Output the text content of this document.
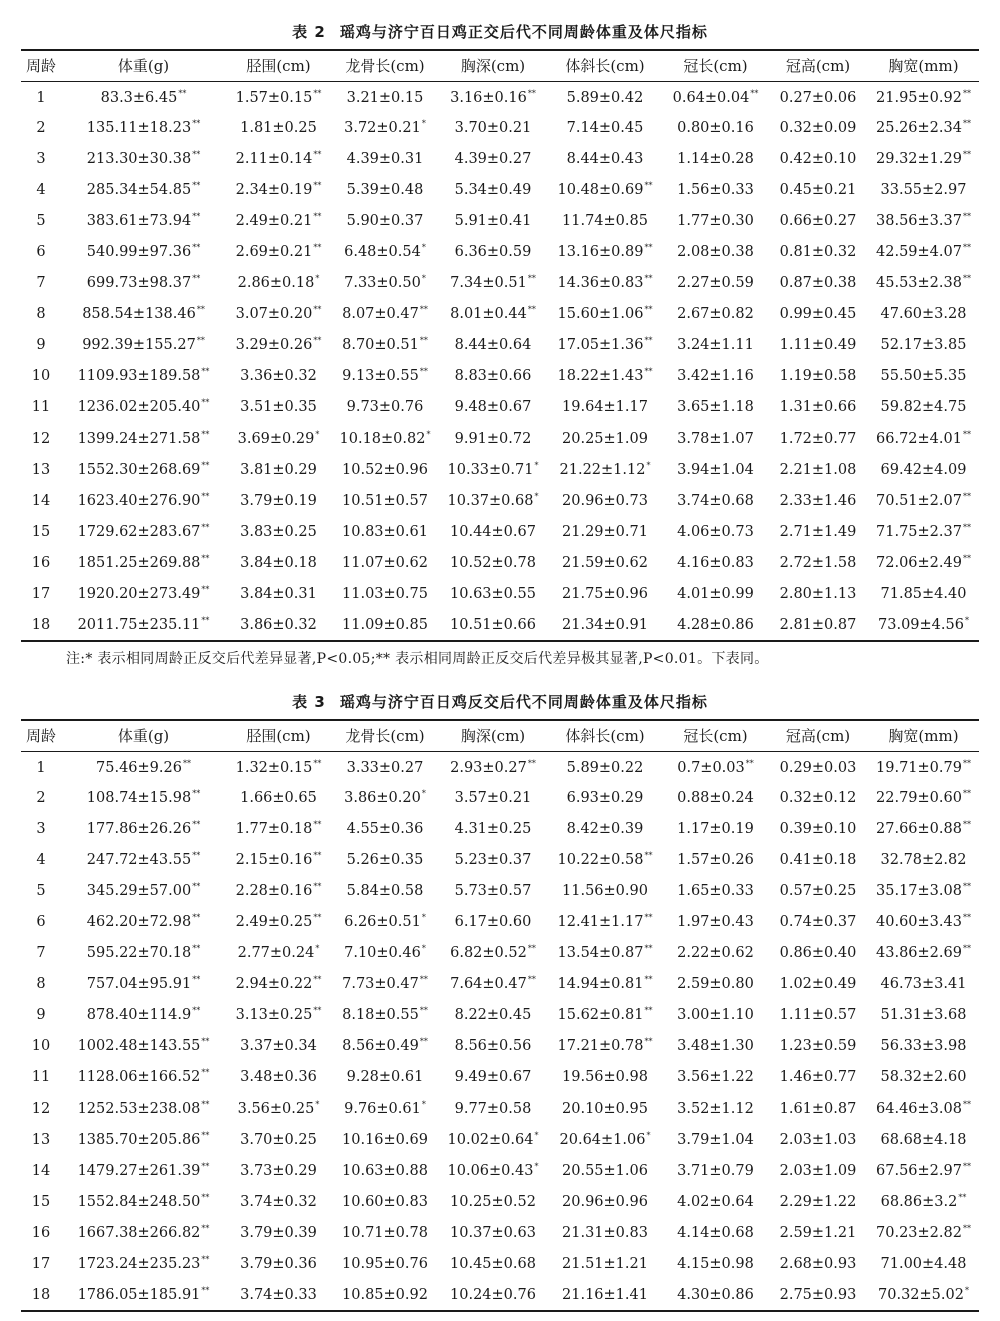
表 2 瑶鸡与济宁百日鸡正交后代不同周龄体重及体尺指标
周龄	体重(g)	胫围(cm)	龙骨长(cm)	胸深(cm)	体斜长(cm)	冠长(cm)	冠高(cm)	胸宽(mm)
1	83.3±6.45**	1.57±0.15**	3.21±0.15	3.16±0.16**	5.89±0.42	0.64±0.04**	0.27±0.06	21.95±0.92**
2	135.11±18.23**	1.81±0.25	3.72±0.21*	3.70±0.21	7.14±0.45	0.80±0.16	0.32±0.09	25.26±2.34**
3	213.30±30.38**	2.11±0.14**	4.39±0.31	4.39±0.27	8.44±0.43	1.14±0.28	0.42±0.10	29.32±1.29**
4	285.34±54.85**	2.34±0.19**	5.39±0.48	5.34±0.49	10.48±0.69**	1.56±0.33	0.45±0.21	33.55±2.97
5	383.61±73.94**	2.49±0.21**	5.90±0.37	5.91±0.41	11.74±0.85	1.77±0.30	0.66±0.27	38.56±3.37**
6	540.99±97.36**	2.69±0.21**	6.48±0.54*	6.36±0.59	13.16±0.89**	2.08±0.38	0.81±0.32	42.59±4.07**
7	699.73±98.37**	2.86±0.18*	7.33±0.50*	7.34±0.51**	14.36±0.83**	2.27±0.59	0.87±0.38	45.53±2.38**
8	858.54±138.46**	3.07±0.20**	8.07±0.47**	8.01±0.44**	15.60±1.06**	2.67±0.82	0.99±0.45	47.60±3.28
9	992.39±155.27**	3.29±0.26**	8.70±0.51**	8.44±0.64	17.05±1.36**	3.24±1.11	1.11±0.49	52.17±3.85
10	1109.93±189.58**	3.36±0.32	9.13±0.55**	8.83±0.66	18.22±1.43**	3.42±1.16	1.19±0.58	55.50±5.35
11	1236.02±205.40**	3.51±0.35	9.73±0.76	9.48±0.67	19.64±1.17	3.65±1.18	1.31±0.66	59.82±4.75
12	1399.24±271.58**	3.69±0.29*	10.18±0.82*	9.91±0.72	20.25±1.09	3.78±1.07	1.72±0.77	66.72±4.01**
13	1552.30±268.69**	3.81±0.29	10.52±0.96	10.33±0.71*	21.22±1.12*	3.94±1.04	2.21±1.08	69.42±4.09
14	1623.40±276.90**	3.79±0.19	10.51±0.57	10.37±0.68*	20.96±0.73	3.74±0.68	2.33±1.46	70.51±2.07**
15	1729.62±283.67**	3.83±0.25	10.83±0.61	10.44±0.67	21.29±0.71	4.06±0.73	2.71±1.49	71.75±2.37**
16	1851.25±269.88**	3.84±0.18	11.07±0.62	10.52±0.78	21.59±0.62	4.16±0.83	2.72±1.58	72.06±2.49**
17	1920.20±273.49**	3.84±0.31	11.03±0.75	10.63±0.55	21.75±0.96	4.01±0.99	2.80±1.13	71.85±4.40
18	2011.75±235.11**	3.86±0.32	11.09±0.85	10.51±0.66	21.34±0.91	4.28±0.86	2.81±0.87	73.09±4.56*
注:* 表示相同周龄正反交后代差异显著,P<0.05;** 表示相同周龄正反交后代差异极其显著,P<0.01。下表同。
表 3 瑶鸡与济宁百日鸡反交后代不同周龄体重及体尺指标
周龄	体重(g)	胫围(cm)	龙骨长(cm)	胸深(cm)	体斜长(cm)	冠长(cm)	冠高(cm)	胸宽(mm)
1	75.46±9.26**	1.32±0.15**	3.33±0.27	2.93±0.27**	5.89±0.22	0.7±0.03**	0.29±0.03	19.71±0.79**
2	108.74±15.98**	1.66±0.65	3.86±0.20*	3.57±0.21	6.93±0.29	0.88±0.24	0.32±0.12	22.79±0.60**
3	177.86±26.26**	1.77±0.18**	4.55±0.36	4.31±0.25	8.42±0.39	1.17±0.19	0.39±0.10	27.66±0.88**
4	247.72±43.55**	2.15±0.16**	5.26±0.35	5.23±0.37	10.22±0.58**	1.57±0.26	0.41±0.18	32.78±2.82
5	345.29±57.00**	2.28±0.16**	5.84±0.58	5.73±0.57	11.56±0.90	1.65±0.33	0.57±0.25	35.17±3.08**
6	462.20±72.98**	2.49±0.25**	6.26±0.51*	6.17±0.60	12.41±1.17**	1.97±0.43	0.74±0.37	40.60±3.43**
7	595.22±70.18**	2.77±0.24*	7.10±0.46*	6.82±0.52**	13.54±0.87**	2.22±0.62	0.86±0.40	43.86±2.69**
8	757.04±95.91**	2.94±0.22**	7.73±0.47**	7.64±0.47**	14.94±0.81**	2.59±0.80	1.02±0.49	46.73±3.41
9	878.40±114.9**	3.13±0.25**	8.18±0.55**	8.22±0.45	15.62±0.81**	3.00±1.10	1.11±0.57	51.31±3.68
10	1002.48±143.55**	3.37±0.34	8.56±0.49**	8.56±0.56	17.21±0.78**	3.48±1.30	1.23±0.59	56.33±3.98
11	1128.06±166.52**	3.48±0.36	9.28±0.61	9.49±0.67	19.56±0.98	3.56±1.22	1.46±0.77	58.32±2.60
12	1252.53±238.08**	3.56±0.25*	9.76±0.61*	9.77±0.58	20.10±0.95	3.52±1.12	1.61±0.87	64.46±3.08**
13	1385.70±205.86**	3.70±0.25	10.16±0.69	10.02±0.64*	20.64±1.06*	3.79±1.04	2.03±1.03	68.68±4.18
14	1479.27±261.39**	3.73±0.29	10.63±0.88	10.06±0.43*	20.55±1.06	3.71±0.79	2.03±1.09	67.56±2.97**
15	1552.84±248.50**	3.74±0.32	10.60±0.83	10.25±0.52	20.96±0.96	4.02±0.64	2.29±1.22	68.86±3.2**
16	1667.38±266.82**	3.79±0.39	10.71±0.78	10.37±0.63	21.31±0.83	4.14±0.68	2.59±1.21	70.23±2.82**
17	1723.24±235.23**	3.79±0.36	10.95±0.76	10.45±0.68	21.51±1.21	4.15±0.98	2.68±0.93	71.00±4.48
18	1786.05±185.91**	3.74±0.33	10.85±0.92	10.24±0.76	21.16±1.41	4.30±0.86	2.75±0.93	70.32±5.02*
